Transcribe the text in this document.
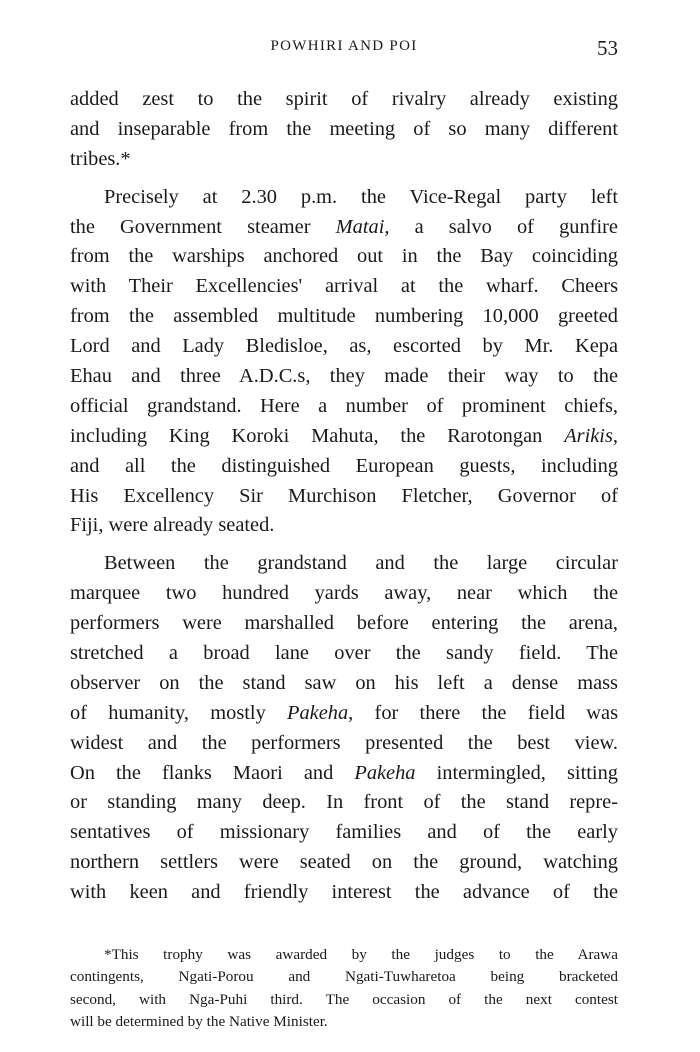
POWHIRI AND POI	53
added zest to the spirit of rivalry already existing
and inseparable from the meeting of so many different
tribes.*
Precisely at 2.30 p.m. the Vice-Regal party left
the Government steamer Matai, a salvo of gunfire
from the warships anchored out in the Bay coinciding
with Their Excellencies' arrival at the wharf. Cheers
from the assembled multitude numbering 10,000 greeted
Lord and Lady Bledisloe, as, escorted by Mr. Kepa
Ehau and three A.D.C.s, they made their way to the
official grandstand. Here a number of prominent chiefs,
including King Koroki Mahuta, the Rarotongan Arikis,
and all the distinguished European guests, including
His Excellency Sir Murchison Fletcher, Governor of
Fiji, were already seated.
Between the grandstand and the large circular
marquee two hundred yards away, near which the
performers were marshalled before entering the arena,
stretched a broad lane over the sandy field. The
observer on the stand saw on his left a dense mass
of humanity, mostly Pakeha, for there the field was
widest and the performers presented the best view.
On the flanks Maori and Pakeha intermingled, sitting
or standing many deep. In front of the stand repre-
sentatives of missionary families and of the early
northern settlers were seated on the ground, watching
with keen and friendly interest the advance of the
*This trophy was awarded by the judges to the Arawa
contingents, Ngati-Porou and Ngati-Tuwharetoa being bracketed
second, with Nga-Puhi third. The occasion of the next contest
will be determined by the Native Minister.
